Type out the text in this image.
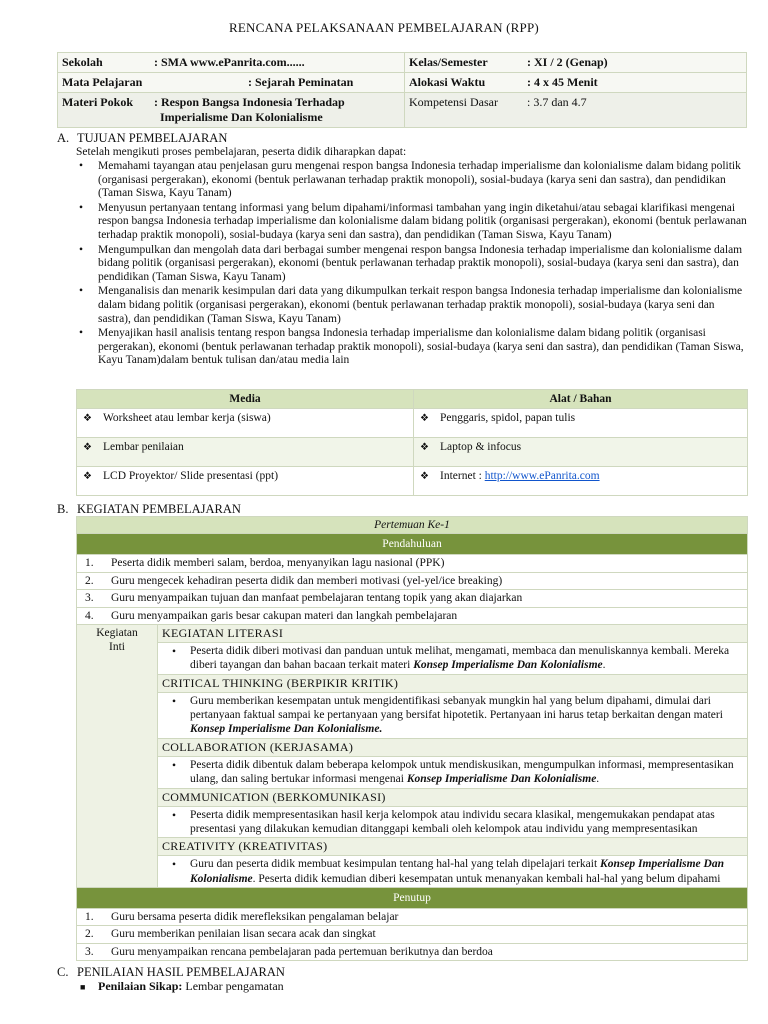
RENCANA PELAKSANAAN PEMBELAJARAN (RPP)
Sekolah : SMA www.ePanrita.com......	Kelas/Semester : XI / 2 (Genap)

Mata Pelajaran : Sejarah Peminatan	Alokasi Waktu : 4 x 45 Menit

Materi Pokok : Respon Bangsa Indonesia Terhadap
Imperialisme Dan Kolonialisme	Kompetensi Dasar : 3.7 dan 4.7
A. TUJUAN PEMBELAJARAN
Setelah mengikuti proses pembelajaran, peserta didik diharapkan dapat:
• Memahami tayangan atau penjelasan guru mengenai respon bangsa Indonesia terhadap imperialisme dan kolonialisme dalam bidang politik (organisasi pergerakan), ekonomi (bentuk perlawanan terhadap praktik monopoli), sosial-budaya (karya seni dan sastra), dan pendidikan (Taman Siswa, Kayu Tanam)
• Menyusun pertanyaan tentang informasi yang belum dipahami/informasi tambahan yang ingin diketahui/atau sebagai klarifikasi mengenai respon bangsa Indonesia terhadap imperialisme dan kolonialisme dalam bidang politik (organisasi pergerakan), ekonomi (bentuk perlawanan terhadap praktik monopoli), sosial-budaya (karya seni dan sastra), dan pendidikan (Taman Siswa, Kayu Tanam)
• Mengumpulkan dan mengolah data dari berbagai sumber mengenai respon bangsa Indonesia terhadap imperialisme dan kolonialisme dalam bidang politik (organisasi pergerakan), ekonomi (bentuk perlawanan terhadap praktik monopoli), sosial-budaya (karya seni dan sastra), dan pendidikan (Taman Siswa, Kayu Tanam)
• Menganalisis dan menarik kesimpulan dari data yang dikumpulkan terkait respon bangsa Indonesia terhadap imperialisme dan kolonialisme dalam bidang politik (organisasi pergerakan), ekonomi (bentuk perlawanan terhadap praktik monopoli), sosial-budaya (karya seni dan sastra), dan pendidikan (Taman Siswa, Kayu Tanam)
• Menyajikan hasil analisis tentang respon bangsa Indonesia terhadap imperialisme dan kolonialisme dalam bidang politik (organisasi pergerakan), ekonomi (bentuk perlawanan terhadap praktik monopoli), sosial-budaya (karya seni dan sastra), dan pendidikan (Taman Siswa, Kayu Tanam)dalam bentuk tulisan dan/atau media lain
Media	Alat / Bahan
❖ Worksheet atau lembar kerja (siswa)	❖ Penggaris, spidol, papan tulis
❖ Lembar penilaian	❖ Laptop & infocus
❖ LCD Proyektor/ Slide presentasi (ppt)	❖ Internet : http://www.ePanrita.com
B. KEGIATAN PEMBELAJARAN
Pertemuan Ke-1
Pendahuluan
1. Peserta didik memberi salam, berdoa, menyanyikan lagu nasional (PPK)
2. Guru mengecek kehadiran peserta didik dan memberi motivasi (yel-yel/ice breaking)
3. Guru menyampaikan tujuan dan manfaat pembelajaran tentang topik yang akan diajarkan
4. Guru menyampaikan garis besar cakupan materi dan langkah pembelajaran
Kegiatan
Inti	KEGIATAN LITERASI

• Peserta didik diberi motivasi dan panduan untuk melihat, mengamati, membaca dan menuliskannya kembali. Mereka diberi tayangan dan bahan bacaan terkait materi Konsep Imperialisme Dan Kolonialisme.

CRITICAL THINKING (BERPIKIR KRITIK)

• Guru memberikan kesempatan untuk mengidentifikasi sebanyak mungkin hal yang belum dipahami, dimulai dari pertanyaan faktual sampai ke pertanyaan yang bersifat hipotetik. Pertanyaan ini harus tetap berkaitan dengan materi Konsep Imperialisme Dan Kolonialisme.

COLLABORATION (KERJASAMA)

• Peserta didik dibentuk dalam beberapa kelompok untuk mendiskusikan, mengumpulkan informasi, mempresentasikan ulang, dan saling bertukar informasi mengenai Konsep Imperialisme Dan Kolonialisme.

COMMUNICATION (BERKOMUNIKASI)

• Peserta didik mempresentasikan hasil kerja kelompok atau individu secara klasikal, mengemukakan pendapat atas presentasi yang dilakukan kemudian ditanggapi kembali oleh kelompok atau individu yang mempresentasikan

CREATIVITY (KREATIVITAS)

• Guru dan peserta didik membuat kesimpulan tentang hal-hal yang telah dipelajari terkait Konsep Imperialisme Dan Kolonialisme. Peserta didik kemudian diberi kesempatan untuk menanyakan kembali hal-hal yang belum dipahami

Penutup
1. Guru bersama peserta didik merefleksikan pengalaman belajar
2. Guru memberikan penilaian lisan secara acak dan singkat
3. Guru menyampaikan rencana pembelajaran pada pertemuan berikutnya dan berdoa
C. PENILAIAN HASIL PEMBELAJARAN
■ Penilaian Sikap: Lembar pengamatan
